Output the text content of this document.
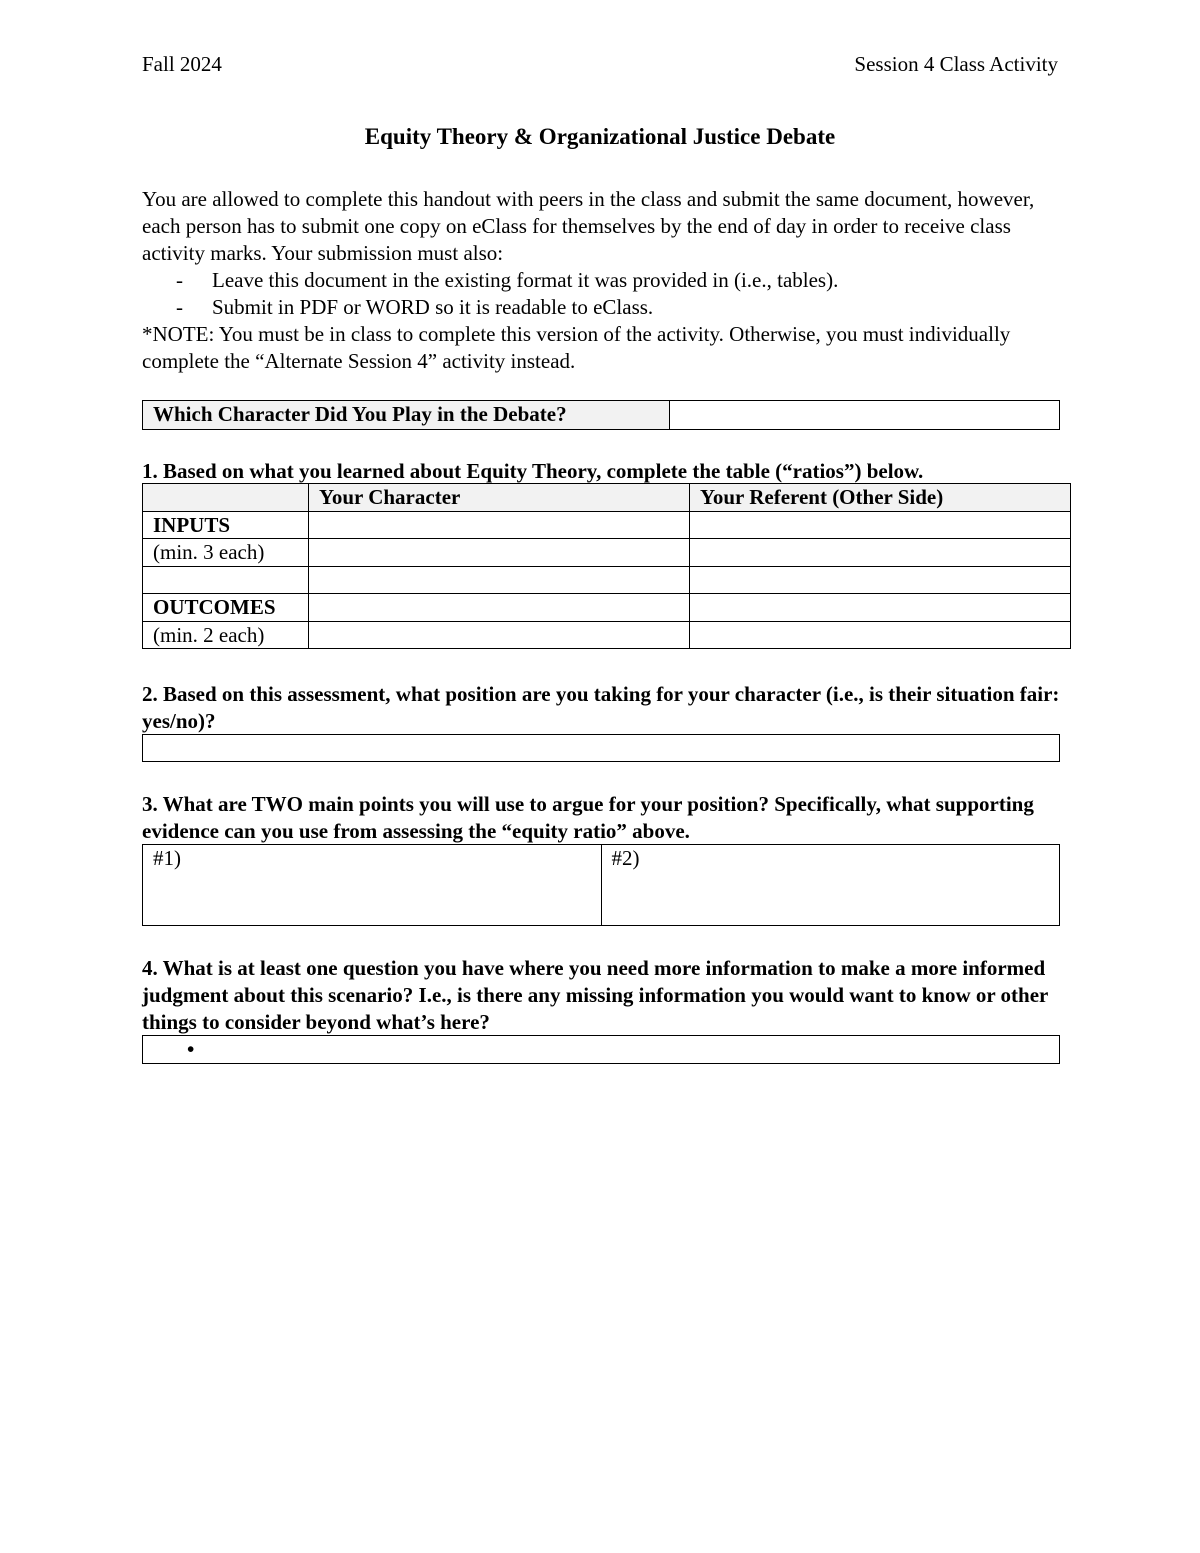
Fall 2024	Session 4 Class Activity
Equity Theory & Organizational Justice Debate

You are allowed to complete this handout with peers in the class and submit the same document, however, each person has to submit one copy on eClass for themselves by the end of day in order to receive class activity marks. Your submission must also:

- Leave this document in the existing format it was provided in (i.e., tables).
- Submit in PDF or WORD so it is readable to eClass.

*NOTE: You must be in class to complete this version of the activity. Otherwise, you must individually complete the “Alternate Session 4” activity instead.

Which Character Did You Play in the Debate?	
1. Based on what you learned about Equity Theory, complete the table (“ratios”) below.
	Your Character	Your Referent (Other Side)
INPUTS		
(min. 3 each)		

OUTCOMES		
(min. 2 each)		
2. Based on this assessment, what position are you taking for your character (i.e., is their situation fair: yes/no)?
3. What are TWO main points you will use to argue for your position? Specifically, what supporting evidence can you use from assessing the “equity ratio” above.
#1)	#2)
4. What is at least one question you have where you need more information to make a more informed judgment about this scenario? I.e., is there any missing information you would want to know or other things to consider beyond what’s here?
•
